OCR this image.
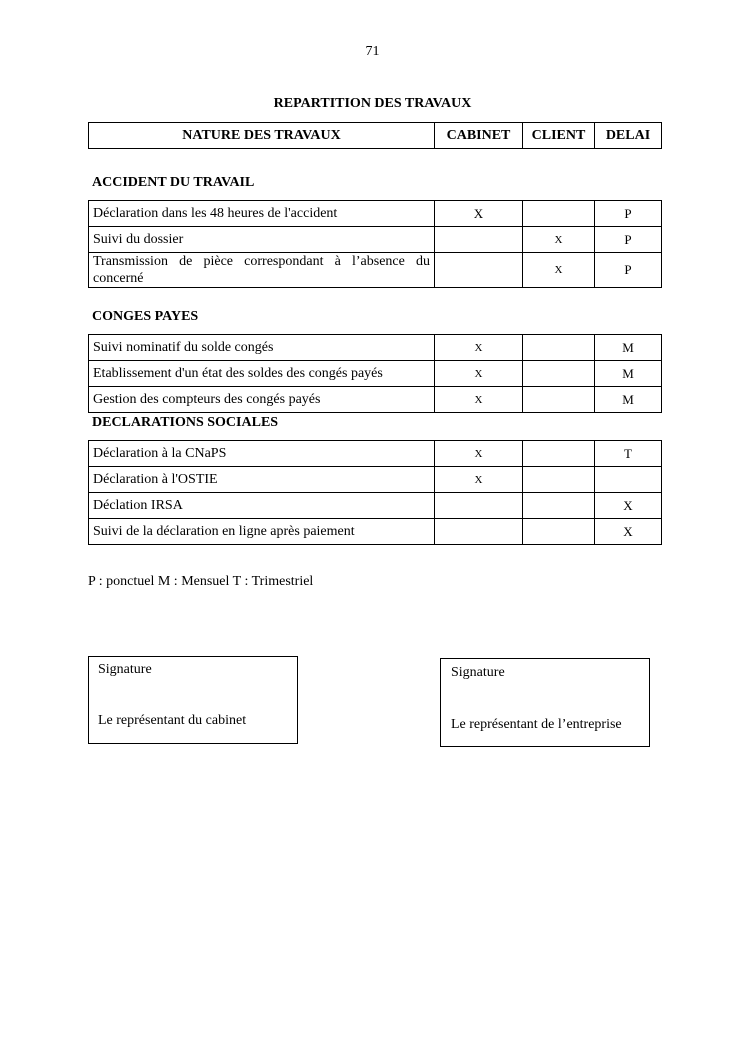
71
REPARTITION DES TRAVAUX
NATURE DES TRAVAUX	CABINET	CLIENT	DELAI
ACCIDENT DU TRAVAIL
Déclaration dans les 48 heures de l'accident	X		P
Suivi du dossier		X	P
Transmission de pièce correspondant à l’absence du concerné		X	P
CONGES PAYES
Suivi nominatif du solde congés	X		M
Etablissement d'un état des soldes des congés payés	X		M
Gestion des compteurs des congés payés	X		M
DECLARATIONS SOCIALES
Déclaration à la CNaPS	X		T
Déclaration à l'OSTIE	X		
Déclation IRSA			X
Suivi de la déclaration en ligne après paiement			X
P : ponctuel M : Mensuel T : Trimestriel
Signature
Le représentant du cabinet
Signature
Le représentant de l’entreprise
